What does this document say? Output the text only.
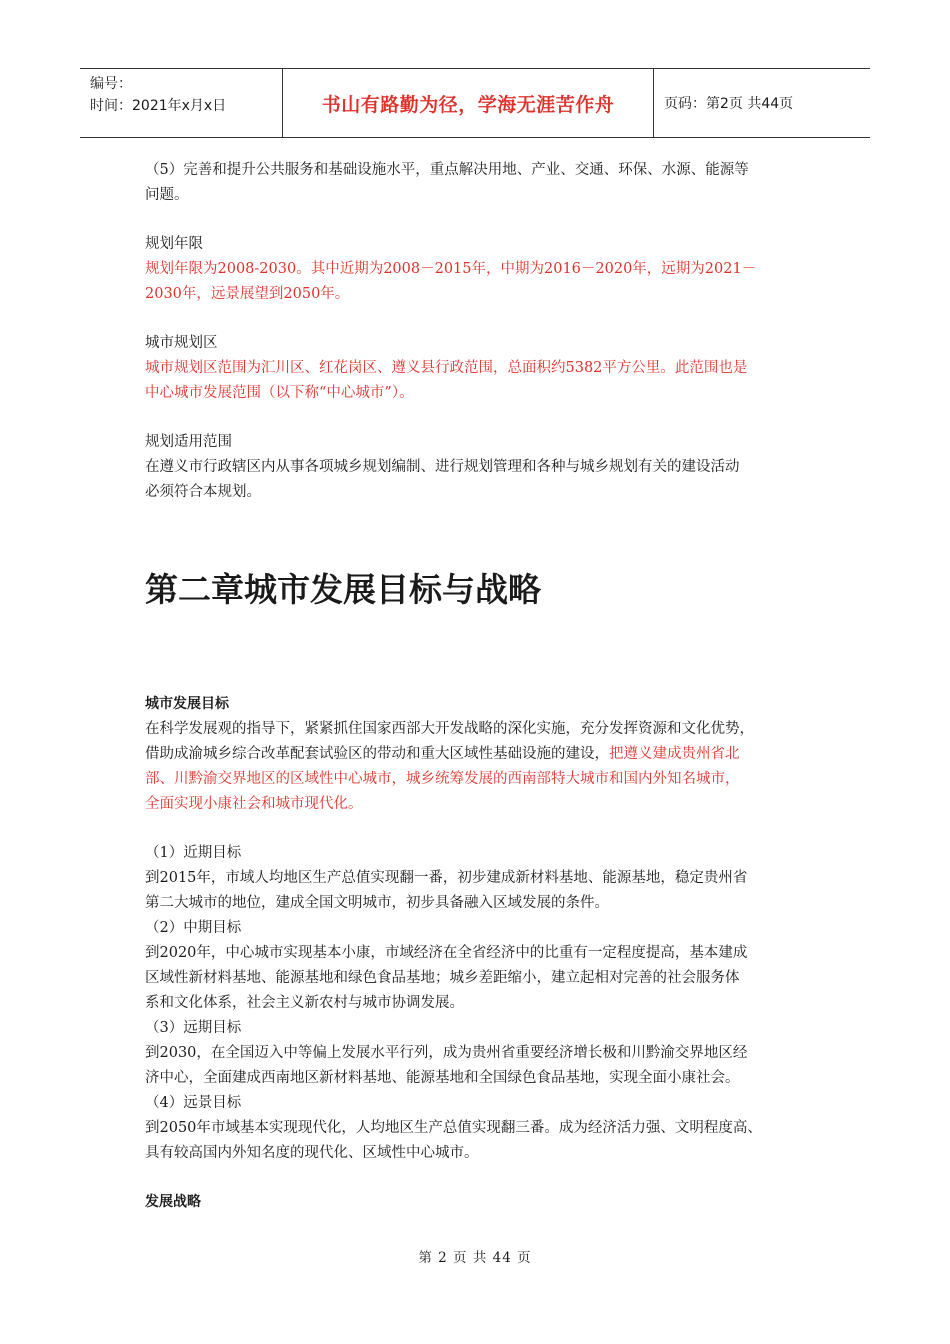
编号：
时间：2021年x月x日	书山有路勤为径，学海无涯苦作舟	页码：第2页 共44页

（5）完善和提升公共服务和基础设施水平，重点解决用地、产业、交通、环保、水源、能源等

问题。

规划年限

规划年限为2008-2030。其中近期为2008－2015年，中期为2016－2020年，远期为2021－

2030年，远景展望到2050年。

城市规划区

城市规划区范围为汇川区、红花岗区、遵义县行政范围，总面积约5382平方公里。此范围也是

中心城市发展范围（以下称“中心城市”）。

规划适用范围

在遵义市行政辖区内从事各项城乡规划编制、进行规划管理和各种与城乡规划有关的建设活动

必须符合本规划。

第二章城市发展目标与战略

城市发展目标

在科学发展观的指导下，紧紧抓住国家西部大开发战略的深化实施，充分发挥资源和文化优势，

借助成渝城乡综合改革配套试验区的带动和重大区域性基础设施的建设，把遵义建成贵州省北

部、川黔渝交界地区的区域性中心城市，城乡统筹发展的西南部特大城市和国内外知名城市，

全面实现小康社会和城市现代化。

（1）近期目标

到2015年，市域人均地区生产总值实现翻一番，初步建成新材料基地、能源基地，稳定贵州省

第二大城市的地位，建成全国文明城市，初步具备融入区域发展的条件。

（2）中期目标

到2020年，中心城市实现基本小康，市域经济在全省经济中的比重有一定程度提高，基本建成

区域性新材料基地、能源基地和绿色食品基地；城乡差距缩小，建立起相对完善的社会服务体

系和文化体系，社会主义新农村与城市协调发展。

（3）远期目标

到2030，在全国迈入中等偏上发展水平行列，成为贵州省重要经济增长极和川黔渝交界地区经

济中心，全面建成西南地区新材料基地、能源基地和全国绿色食品基地，实现全面小康社会。

（4）远景目标

到2050年市域基本实现现代化，人均地区生产总值实现翻三番。成为经济活力强、文明程度高、

具有较高国内外知名度的现代化、区域性中心城市。

发展战略

第 2 页 共 44 页
